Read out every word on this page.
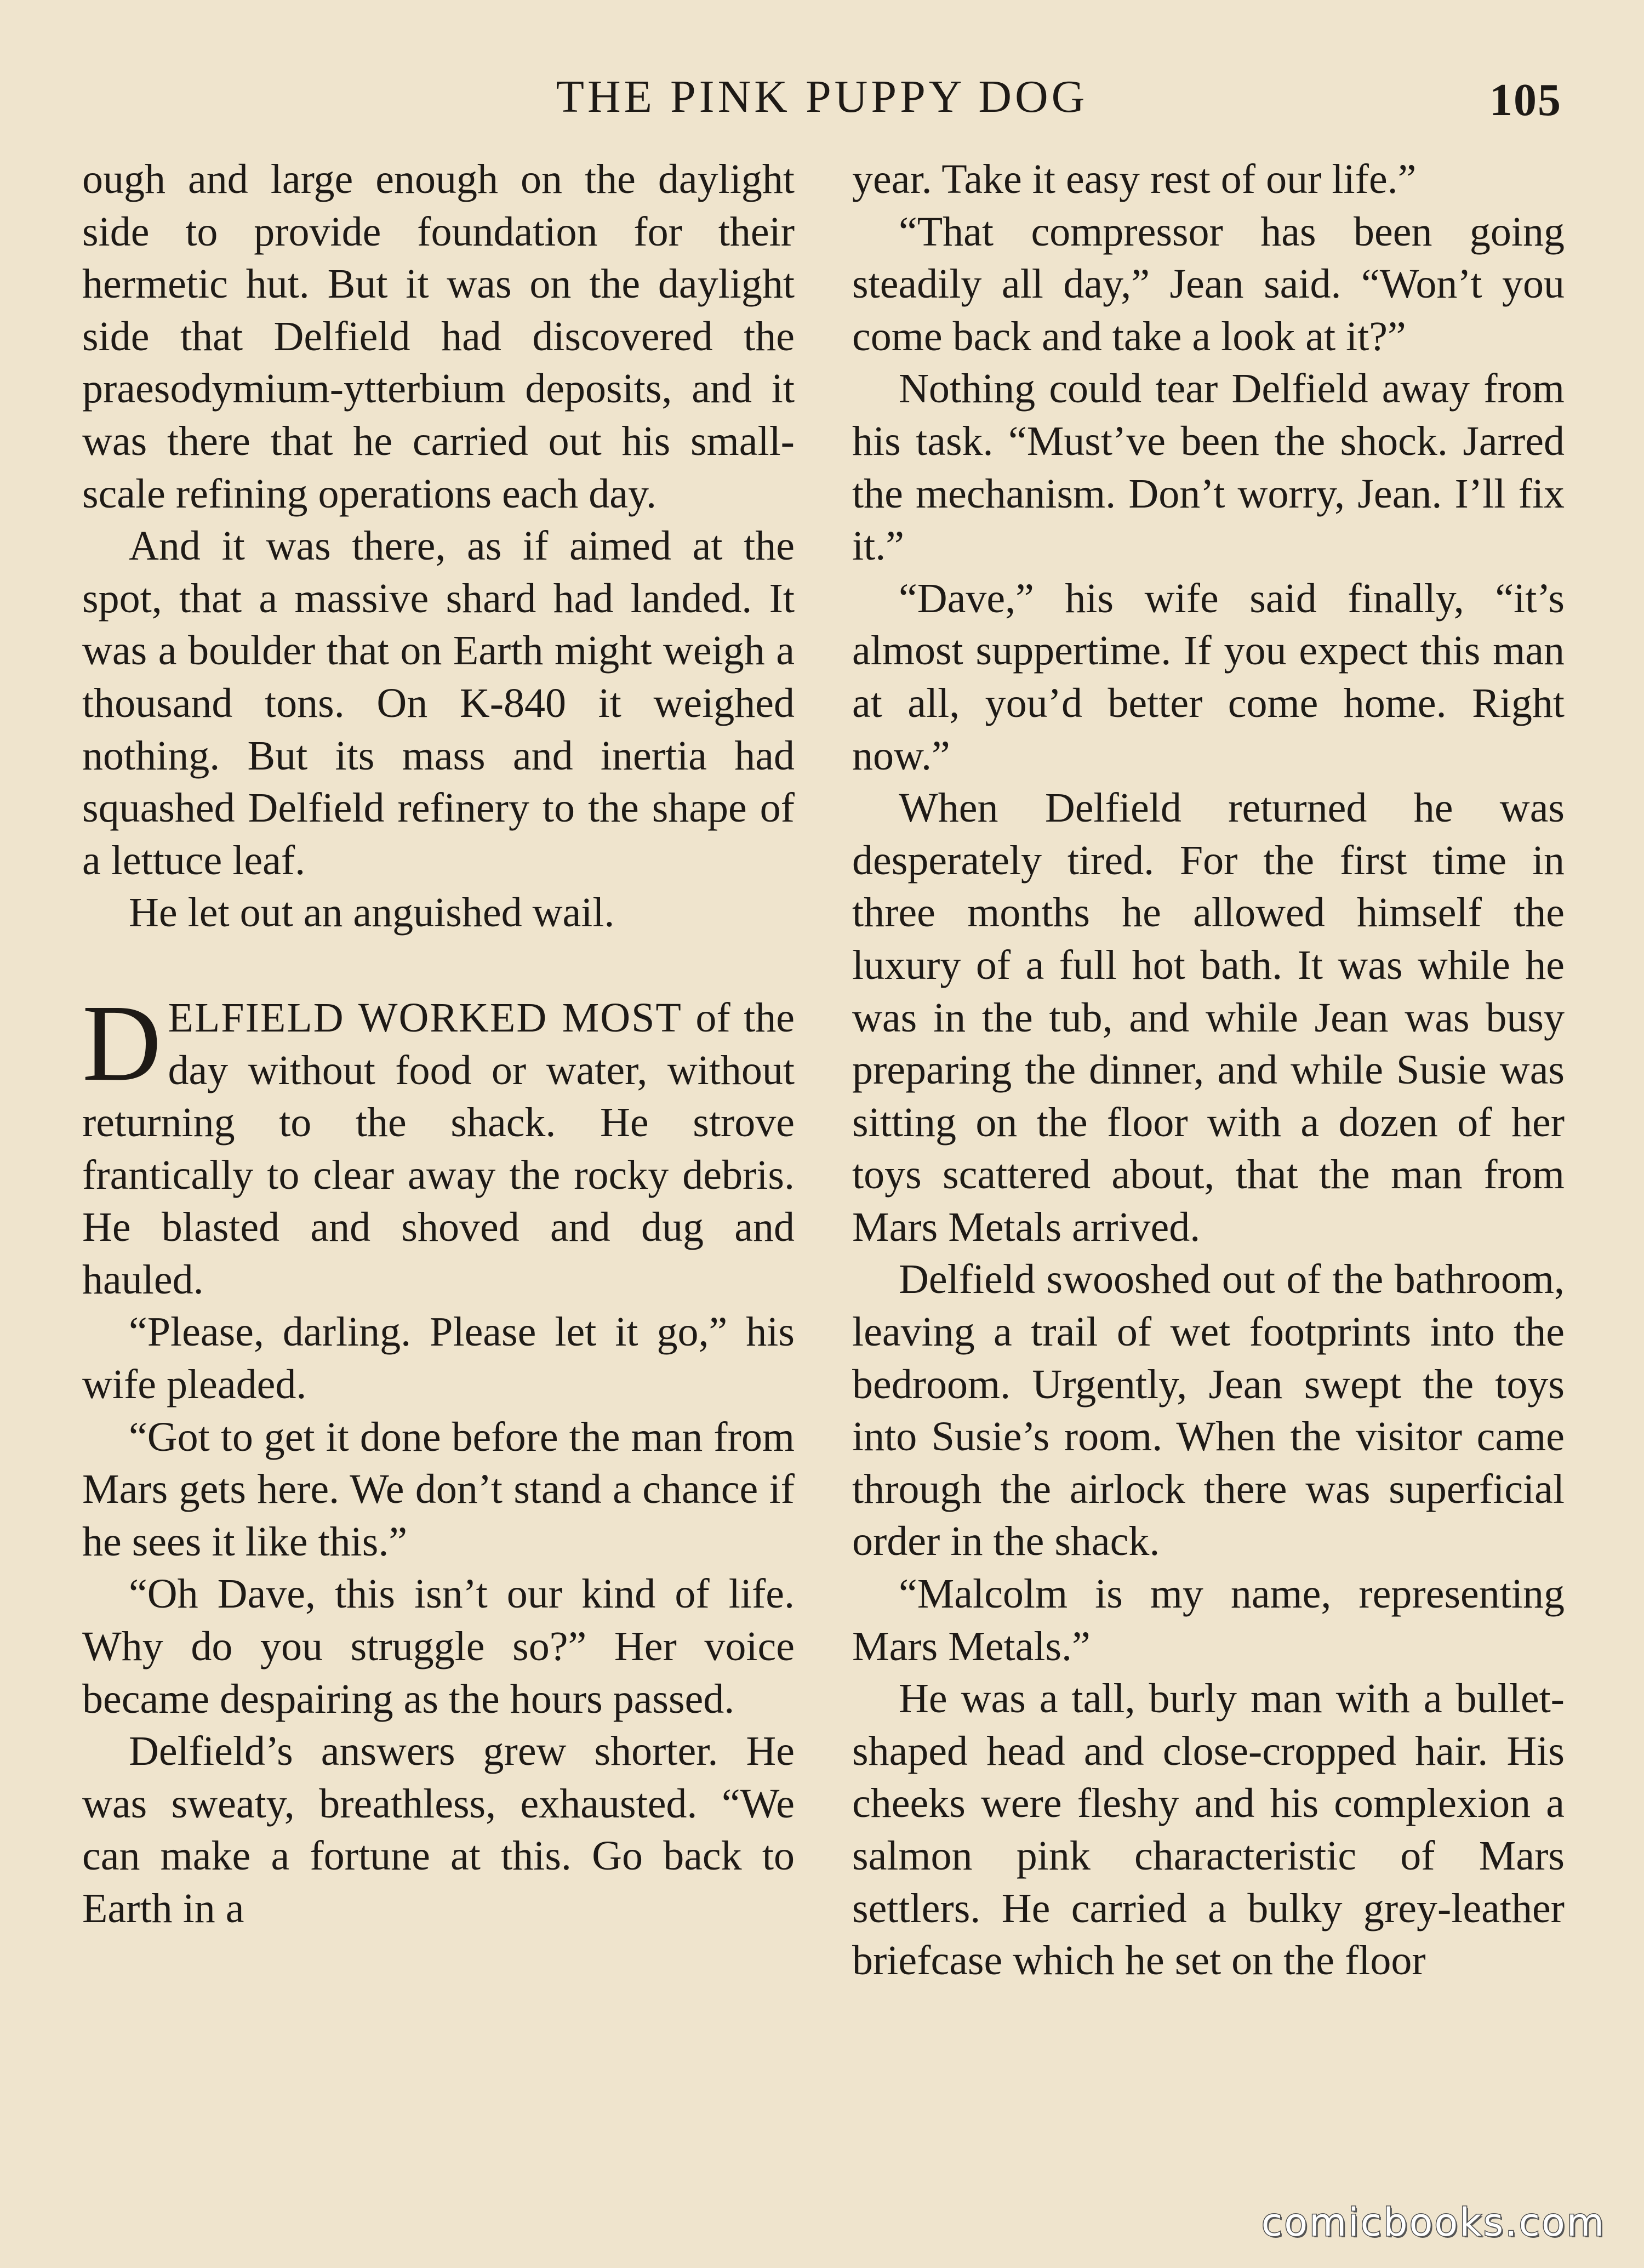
THE PINK PUPPY DOG	105

ough and large enough on the daylight side to provide foundation for their hermetic hut. But it was on the daylight side that Delfield had discovered the praesodymium-ytterbium deposits, and it was there that he carried out his small-scale refining operations each day.

And it was there, as if aimed at the spot, that a massive shard had landed. It was a boulder that on Earth might weigh a thousand tons. On K-840 it weighed nothing. But its mass and inertia had squashed Delfield refinery to the shape of a lettuce leaf.

He let out an anguished wail.

DELFIELD WORKED MOST of the day without food or water, without returning to the shack. He strove frantically to clear away the rocky debris. He blasted and shoved and dug and hauled.

“Please, darling. Please let it go,” his wife pleaded.

“Got to get it done before the man from Mars gets here. We don’t stand a chance if he sees it like this.”

“Oh Dave, this isn’t our kind of life. Why do you struggle so?” Her voice became despairing as the hours passed.

Delfield’s answers grew shorter. He was sweaty, breathless, exhausted. “We can make a fortune at this. Go back to Earth in a

year. Take it easy rest of our life.”

“That compressor has been going steadily all day,” Jean said. “Won’t you come back and take a look at it?”

Nothing could tear Delfield away from his task. “Must’ve been the shock. Jarred the mechanism. Don’t worry, Jean. I’ll fix it.”

“Dave,” his wife said finally, “it’s almost suppertime. If you expect this man at all, you’d better come home. Right now.”

When Delfield returned he was desperately tired. For the first time in three months he allowed himself the luxury of a full hot bath. It was while he was in the tub, and while Jean was busy preparing the dinner, and while Susie was sitting on the floor with a dozen of her toys scattered about, that the man from Mars Metals arrived.

Delfield swooshed out of the bathroom, leaving a trail of wet footprints into the bedroom. Urgently, Jean swept the toys into Susie’s room. When the visitor came through the airlock there was superficial order in the shack.

“Malcolm is my name, representing Mars Metals.”

He was a tall, burly man with a bullet-shaped head and close-cropped hair. His cheeks were fleshy and his complexion a salmon pink characteristic of Mars settlers. He carried a bulky grey-leather briefcase which he set on the floor

comicbooks.com
